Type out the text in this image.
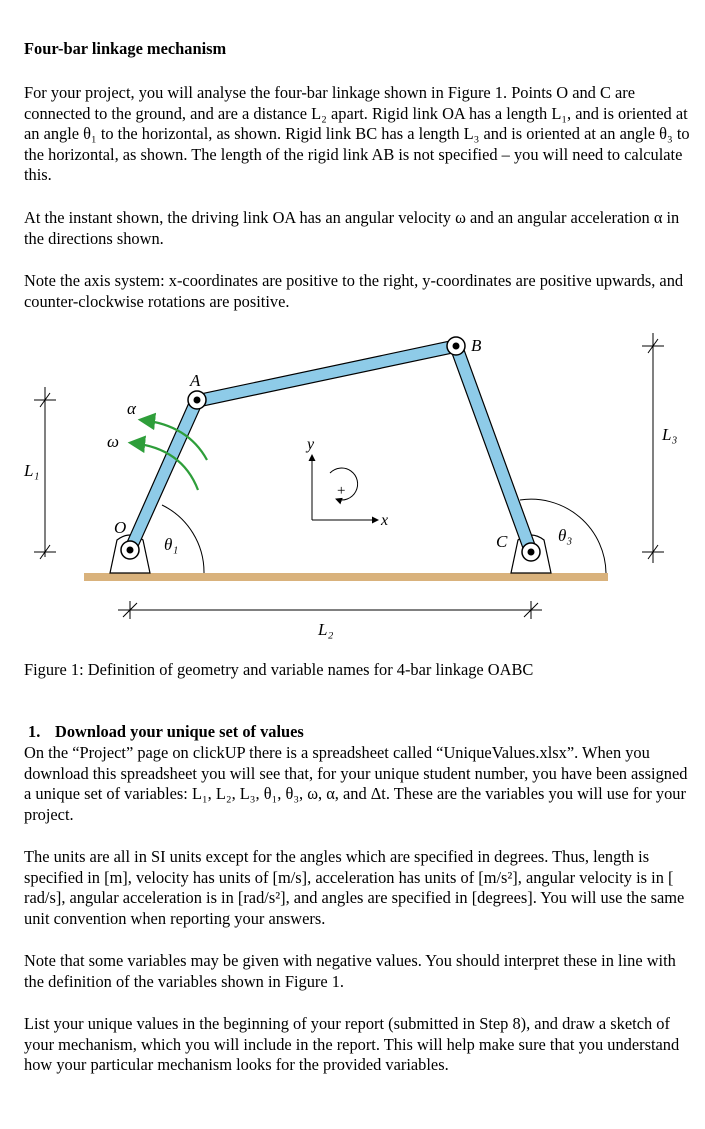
Four-bar linkage mechanism
For your project, you will analyse the four-bar linkage shown in Figure 1. Points O and C are connected to the ground, and are a distance L₂ apart. Rigid link OA has a length L₁, and is oriented at an angle θ₁ to the horizontal, as shown. Rigid link BC has a length L₃ and is oriented at an angle θ₃ to the horizontal, as shown. The length of the rigid link AB is not specified – you will need to calculate this.
At the instant shown, the driving link OA has an angular velocity ω and an angular acceleration α in the directions shown.
Note the axis system: x-coordinates are positive to the right, y-coordinates are positive upwards, and counter-clockwise rotations are positive.
A
B
C
O
L₁
L₂
L₃
θ₁	θ₃
α
ω
x
y
+
Figure 1: Definition of geometry and variable names for 4-bar linkage OABC
1. Download your unique set of values
On the “Project” page on clickUP there is a spreadsheet called “UniqueValues.xlsx”. When you download this spreadsheet you will see that, for your unique student number, you have been assigned a unique set of variables: L₁, L₂, L₃, θ₁, θ₃, ω, α, and Δt. These are the variables you will use for your project.
The units are all in SI units except for the angles which are specified in degrees. Thus, length is specified in [m], velocity has units of [m/s], acceleration has units of [m/s²], angular velocity is in [ rad/s], angular acceleration is in [rad/s²], and angles are specified in [degrees]. You will use the same unit convention when reporting your answers.
Note that some variables may be given with negative values. You should interpret these in line with the definition of the variables shown in Figure 1.
List your unique values in the beginning of your report (submitted in Step 8), and draw a sketch of your mechanism, which you will include in the report. This will help make sure that you understand how your particular mechanism looks for the provided variables.
